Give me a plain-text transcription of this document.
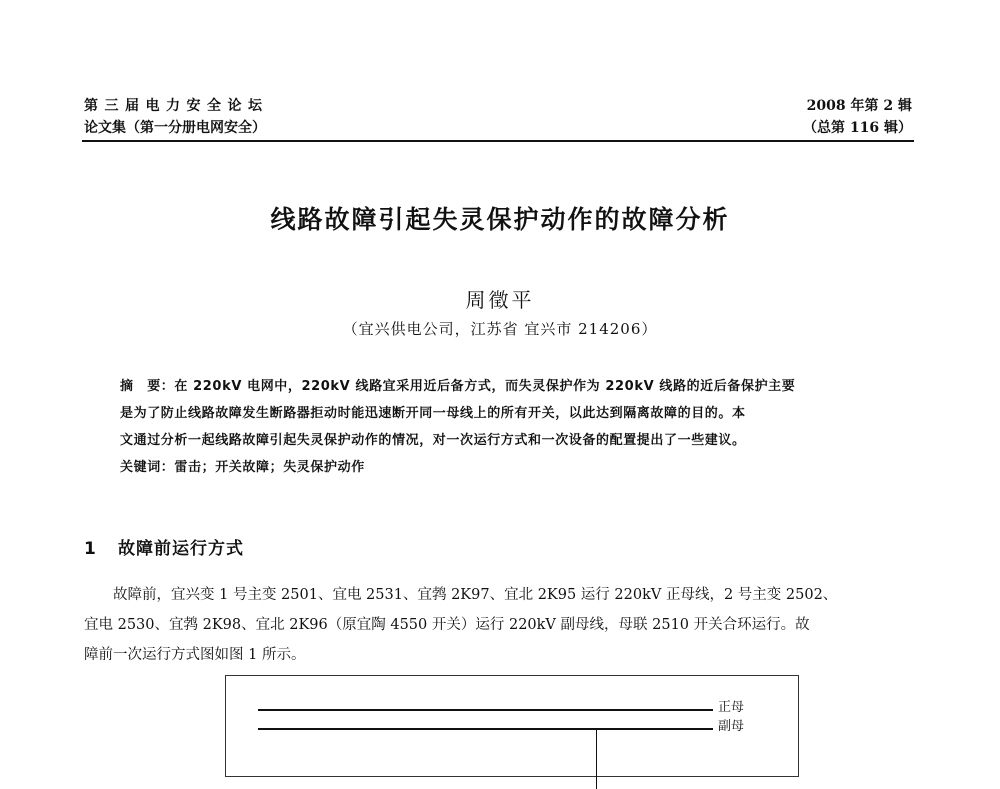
第三届电力安全论坛
论文集（第一分册电网安全）
2008 年第 2 辑
（总第 116 辑）
线路故障引起失灵保护动作的故障分析
周徵平
（宜兴供电公司，江苏省 宜兴市 214206）
摘　要：在 220kV 电网中，220kV 线路宜采用近后备方式，而失灵保护作为 220kV 线路的近后备保护主要
是为了防止线路故障发生断路器拒动时能迅速断开同一母线上的所有开关，以此达到隔离故障的目的。本
文通过分析一起线路故障引起失灵保护动作的情况，对一次运行方式和一次设备的配置提出了一些建议。
关键词：雷击；开关故障；失灵保护动作
1 故障前运行方式
　　故障前，宜兴变 1 号主变 2501、宜电 2531、宜鹁 2K97、宜北 2K95 运行 220kV 正母线，2 号主变 2502、
宜电 2530、宜鹁 2K98、宜北 2K96（原宜陶 4550 开关）运行 220kV 副母线，母联 2510 开关合环运行。故
障前一次运行方式图如图 1 所示。
正母
副母
